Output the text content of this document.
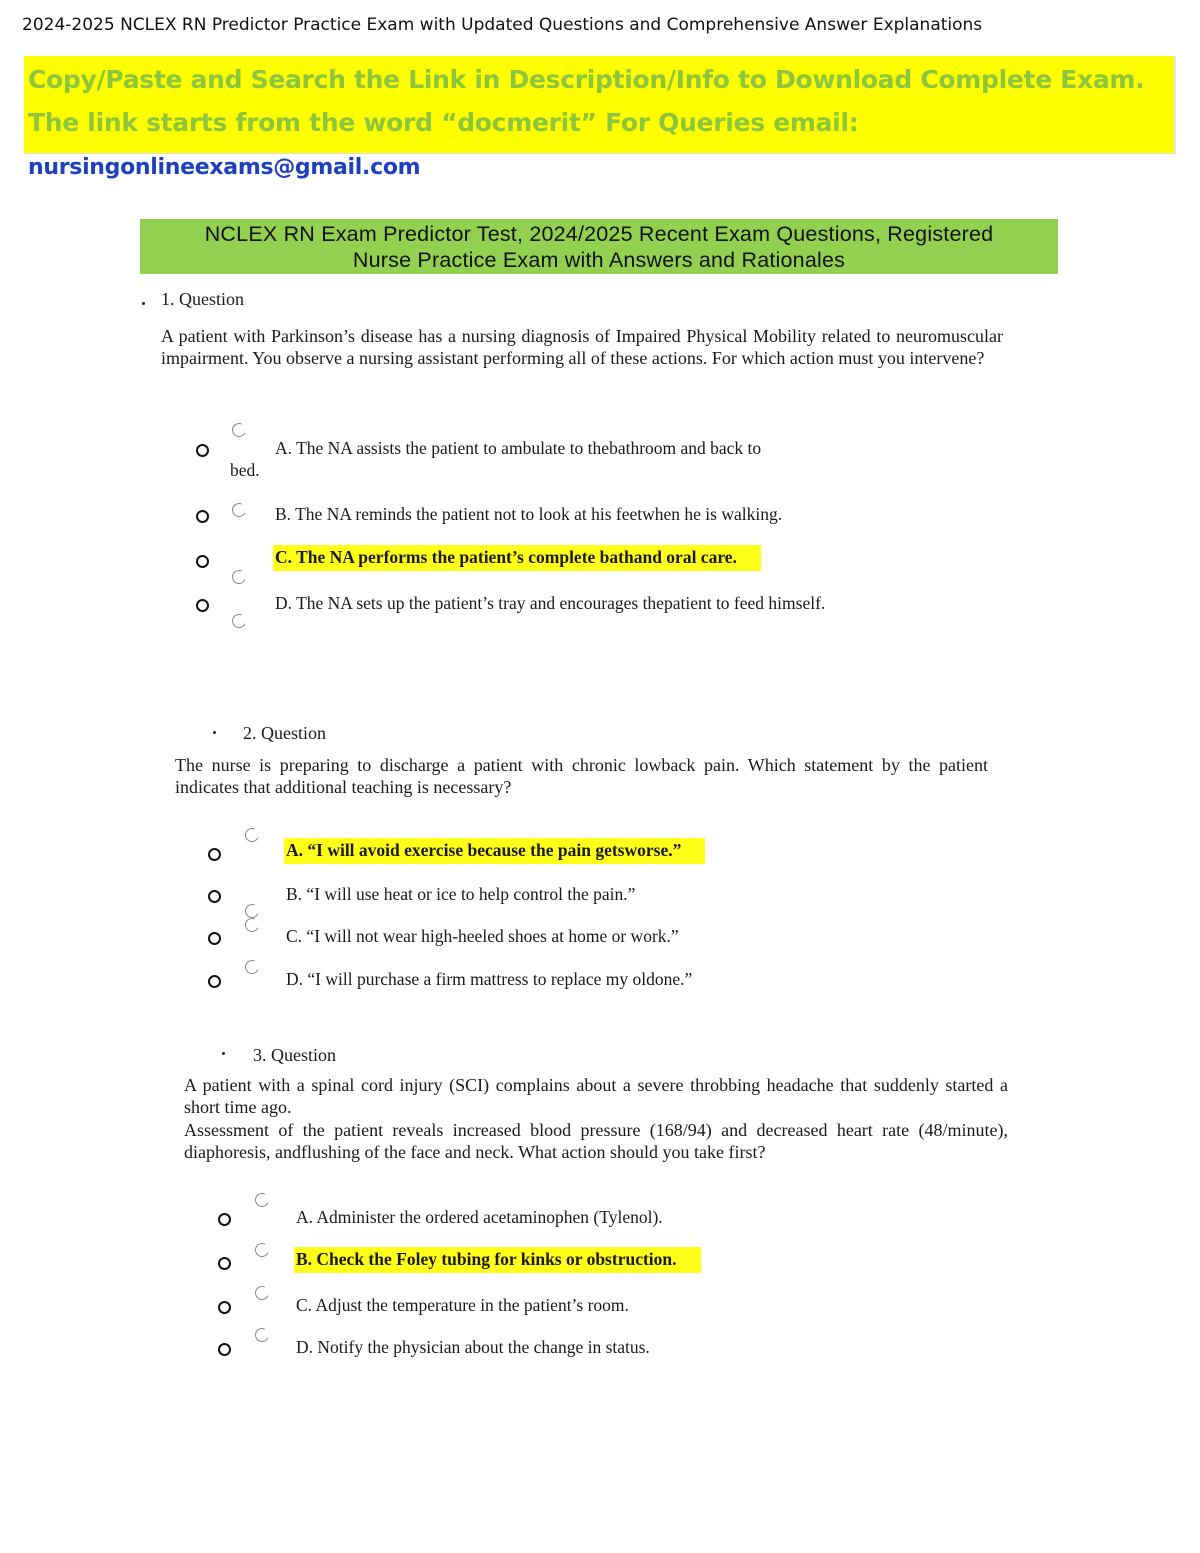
2024-2025 NCLEX RN Predictor Practice Exam with Updated Questions and Comprehensive Answer Explanations
Copy/Paste and Search the Link in Description/Info to Download Complete Exam. The link starts from the word “docmerit” For Queries email: nursingonlineexams@gmail.com
NCLEX RN Exam Predictor Test, 2024/2025 Recent Exam Questions, Registered
Nurse Practice Exam with Answers and Rationales
1. Question
A patient with Parkinson’s disease has a nursing diagnosis of Impaired Physical Mobility related to neuromuscular impairment. You observe a nursing assistant performing all of these actions. For which action must you intervene?
A. The NA assists the patient to ambulate to thebathroom and back to
bed.
B. The NA reminds the patient not to look at his feetwhen he is walking.
C. The NA performs the patient’s complete bathand oral care.
D. The NA sets up the patient’s tray and encourages thepatient to feed himself.
2. Question
The nurse is preparing to discharge a patient with chronic lowback pain. Which statement by the patient indicates that additional teaching is necessary?
A. “I will avoid exercise because the pain getsworse.”
B. “I will use heat or ice to help control the pain.”
C. “I will not wear high-heeled shoes at home or work.”
D. “I will purchase a firm mattress to replace my oldone.”
3. Question
A patient with a spinal cord injury (SCI) complains about a severe throbbing headache that suddenly started a short time ago.
Assessment of the patient reveals increased blood pressure (168/94) and decreased heart rate (48/minute), diaphoresis, andflushing of the face and neck. What action should you take first?
A. Administer the ordered acetaminophen (Tylenol).
B. Check the Foley tubing for kinks or obstruction.
C. Adjust the temperature in the patient’s room.
D. Notify the physician about the change in status.
